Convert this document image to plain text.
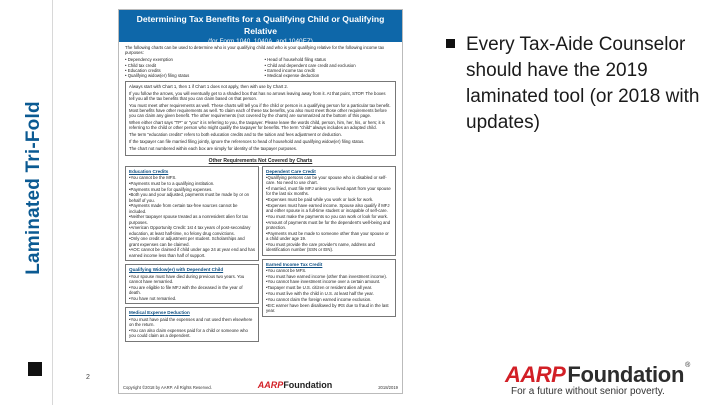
Laminated Tri-Fold
2
Determining Tax Benefits for a Qualifying Child or Qualifying Relative
(for Form 1040, 1040A, and 1040EZ)

The following charts can be used to determine who is your qualifying child and who is your qualifying relative for the following income tax purposes:

• Dependency exemption
• Child tax credit
• Education credits
• Qualifying widow(er) filing status
• Head of household filing status
• Child and dependent care credit and exclusion
• Earned income tax credit
• Medical expense deduction

Always start with Chart 1, then 1 if Chart 1 does not apply, then with use by Chart 2.

If you follow the arrows, you will eventually get to a shaded box that has no arrows leaving away from it. At that point, STOP. The boxes tell you all the tax benefits that you can claim based on that person.

You must meet other requirements as well. These charts will tell you if the child or person is a qualifying person for a particular tax benefit. Most benefits have other requirements as well. To claim each of these tax benefits, you also must meet those other requirements before you can claim any given benefit. The other requirements (not covered by the charts) are summarized at the bottom of this page.

When either chart says "TP" or "you" it is referring to you, the taxpayer. Please leave the words child, person, him, her, his, or hers; it is referring to the child or other person who might qualify the taxpayer for benefits. The term "child" always includes an adopted child.

The term "education credits" refers to both education credits and to the tuition and fees adjustment or deduction.

If the taxpayer can file married filing jointly, ignore the references to head of household and qualifying widow(er) filing status.

The chart not numbered within each box are simply for identity of the taxpayer purposes.

Other Requirements Not Covered by Charts
Education Credits
• You cannot be the MFS.
• Payments must be to a qualifying institution.
• Payments must be for qualifying expenses.
• Both you and your adjusted, payments must be made by or on behalf of you.
• Payments made from certain tax-free sources cannot be included.
• Neither taxpayer spouse treated as a nonresident alien for tax purposes.
• American Opportunity Credit: 1st 4 tax years of post-secondary education, at least half-time, no felony drug convictions.
• Only one credit or adjustment per student. Scholarships and grant expenses can be claimed.
• AOC cannot be claimed if child under age 24 at year end and has earned income less than half of support.
Qualifying Widow(er) with Dependent Child
• Your spouse must have died during previous two years. You cannot have remarried.
• You are eligible to file MFJ with the deceased in the year of death.
• You have not remarried.
Medical Expense Deduction
• You must have paid the expenses and not used them elsewhere on the return.
• You can also claim expenses paid for a child or someone who you could claim as a dependent.
Dependent Care Credit
• Qualifying persons can be your spouse who is disabled or self-care. No need to use chart.
• If married, must file MFJ unless you lived apart from your spouse for the last six months.
• Expenses must be paid while you work or look for work.
• Expenses must have earned income. Spouse also qualify if MFJ and either spouse is a full-time student or incapable of self-care.
• You must make the payments so you can work or look for work.
• Amount of payments must be for the dependent's well-being and protection.
• Payments must be made to someone other than your spouse or a child under age 19.
• You must provide the care provider's name, address and identification number (SSN or EIN).
Earned Income Tax Credit
• You cannot be MFS.
• You must have earned income (other than investment income).
• You cannot have investment income over a certain amount.
• Taxpayer must be U.S. citizen or resident alien all year.
• You must live with the child in U.S. at least half the year.
• You cannot claim the foreign earned income exclusion.
• EIC earner have been disallowed by IRS due to fraud in the last year.
Copyright ©2018 by AARP. All Rights Reserved.	AARPFoundation	2018/2019
Every Tax-Aide Counselor should have the 2019 laminated tool (or 2018 with updates)
AARP Foundation ®
For a future without senior poverty.
